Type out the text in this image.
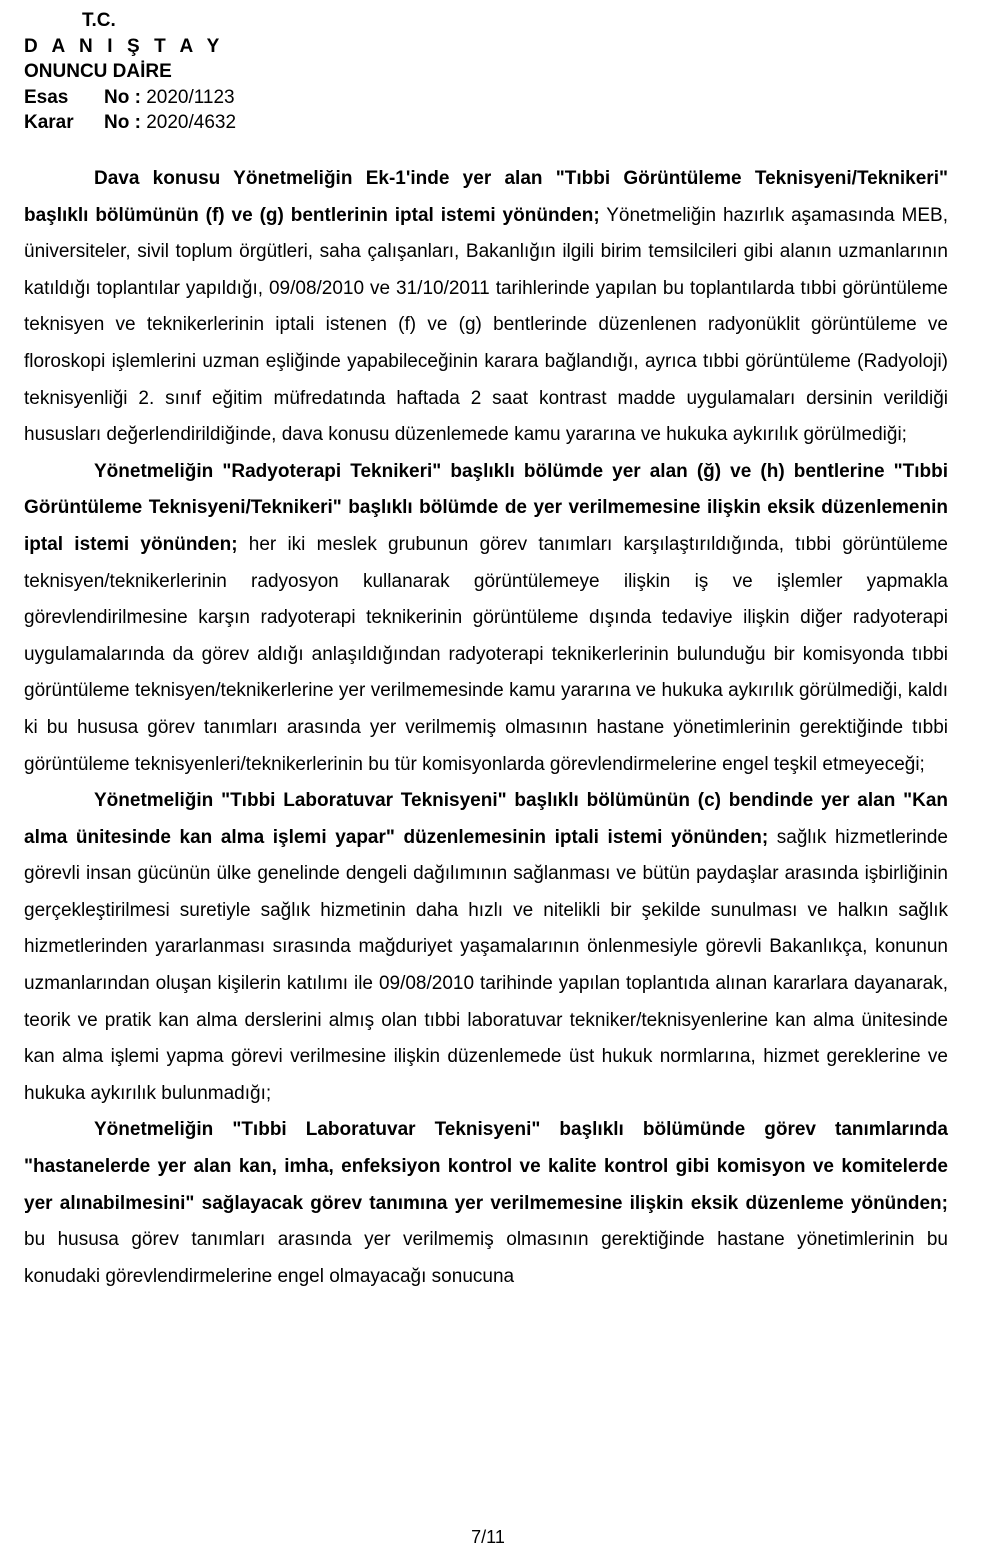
T.C.
D A N I Ş T A Y
ONUNCU DAİRE
Esas	No :
2020/1123
Karar	No :
2020/4632

Dava konusu Yönetmeliğin Ek-1'inde yer alan "Tıbbi Görüntüleme Teknisyeni/Teknikeri" başlıklı bölümünün (f) ve (g) bentlerinin iptal istemi yönünden; Yönetmeliğin hazırlık aşamasında MEB, üniversiteler, sivil toplum örgütleri, saha çalışanları, Bakanlığın ilgili birim temsilcileri gibi alanın uzmanlarının katıldığı toplantılar yapıldığı, 09/08/2010 ve 31/10/2011 tarihlerinde yapılan bu toplantılarda tıbbi görüntüleme teknisyen ve teknikerlerinin iptali istenen (f) ve (g) bentlerinde düzenlenen radyonüklit görüntüleme ve floroskopi işlemlerini uzman eşliğinde yapabileceğinin karara bağlandığı, ayrıca tıbbi görüntüleme (Radyoloji) teknisyenliği 2. sınıf eğitim müfredatında haftada 2 saat kontrast madde uygulamaları dersinin verildiği hususları değerlendirildiğinde, dava konusu düzenlemede kamu yararına ve hukuka aykırılık görülmediği;

Yönetmeliğin "Radyoterapi Teknikeri" başlıklı bölümde yer alan (ğ) ve (h) bentlerine "Tıbbi Görüntüleme Teknisyeni/Teknikeri" başlıklı bölümde de yer verilmemesine ilişkin eksik düzenlemenin iptal istemi yönünden; her iki meslek grubunun görev tanımları karşılaştırıldığında, tıbbi görüntüleme teknisyen/teknikerlerinin radyosyon kullanarak görüntülemeye ilişkin iş ve işlemler yapmakla görevlendirilmesine karşın radyoterapi teknikerinin görüntüleme dışında tedaviye ilişkin diğer radyoterapi uygulamalarında da görev aldığı anlaşıldığından radyoterapi teknikerlerinin bulunduğu bir komisyonda tıbbi görüntüleme teknisyen/teknikerlerine yer verilmemesinde kamu yararına ve hukuka aykırılık görülmediği, kaldı ki bu hususa görev tanımları arasında yer verilmemiş olmasının hastane yönetimlerinin gerektiğinde tıbbi görüntüleme teknisyenleri/teknikerlerinin bu tür komisyonlarda görevlendirmelerine engel teşkil etmeyeceği;

Yönetmeliğin "Tıbbi Laboratuvar Teknisyeni" başlıklı bölümünün (c) bendinde yer alan "Kan alma ünitesinde kan alma işlemi yapar" düzenlemesinin iptali istemi yönünden; sağlık hizmetlerinde görevli insan gücünün ülke genelinde dengeli dağılımının sağlanması ve bütün paydaşlar arasında işbirliğinin gerçekleştirilmesi suretiyle sağlık hizmetinin daha hızlı ve nitelikli bir şekilde sunulması ve halkın sağlık hizmetlerinden yararlanması sırasında mağduriyet yaşamalarının önlenmesiyle görevli Bakanlıkça, konunun uzmanlarından oluşan kişilerin katılımı ile 09/08/2010 tarihinde yapılan toplantıda alınan kararlara dayanarak, teorik ve pratik kan alma derslerini almış olan tıbbi laboratuvar tekniker/teknisyenlerine kan alma ünitesinde kan alma işlemi yapma görevi verilmesine ilişkin düzenlemede üst hukuk normlarına, hizmet gereklerine ve hukuka aykırılık bulunmadığı;

Yönetmeliğin "Tıbbi Laboratuvar Teknisyeni" başlıklı bölümünde görev tanımlarında "hastanelerde yer alan kan, imha, enfeksiyon kontrol ve kalite kontrol gibi komisyon ve komitelerde yer alınabilmesini" sağlayacak görev tanımına yer verilmemesine ilişkin eksik düzenleme yönünden; bu hususa görev tanımları arasında yer verilmemiş olmasının gerektiğinde hastane yönetimlerinin bu konudaki görevlendirmelerine engel olmayacağı sonucuna

7/11
